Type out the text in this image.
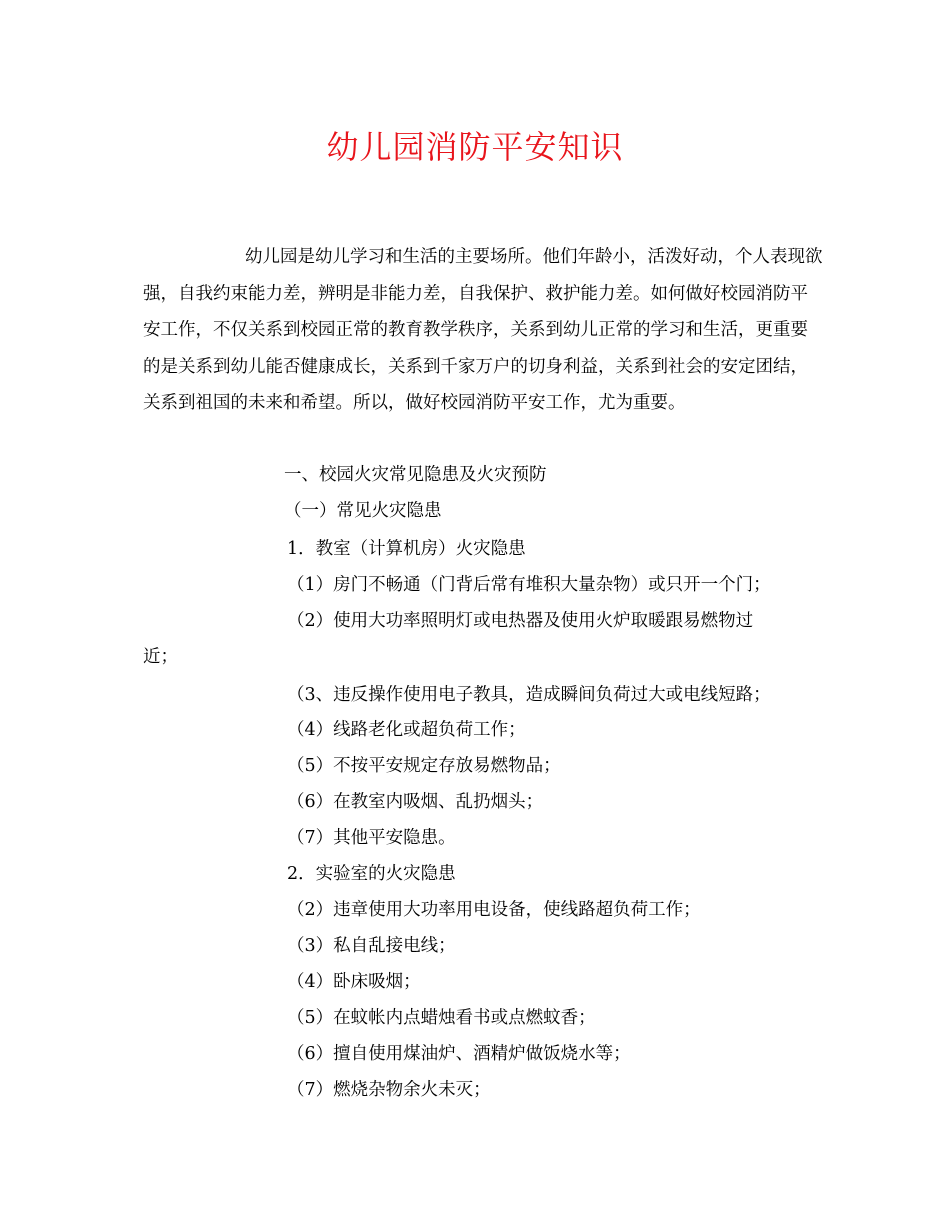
幼儿园消防平安知识

幼儿园是幼儿学习和生活的主要场所。他们年龄小，活泼好动，个人表现欲强，自我约束能力差，辨明是非能力差，自我保护、救护能力差。如何做好校园消防平安工作，不仅关系到校园正常的教育教学秩序，关系到幼儿正常的学习和生活，更重要的是关系到幼儿能否健康成长，关系到千家万户的切身利益，关系到社会的安定团结，关系到祖国的未来和希望。所以，做好校园消防平安工作，尤为重要。

一、校园火灾常见隐患及火灾预防
（一）常见火灾隐患
1．教室（计算机房）火灾隐患
（1）房门不畅通（门背后常有堆积大量杂物）或只开一个门；
（2）使用大功率照明灯或电热器及使用火炉取暖跟易燃物过
近；
（3、违反操作使用电子教具，造成瞬间负荷过大或电线短路；
（4）线路老化或超负荷工作；
（5）不按平安规定存放易燃物品；
（6）在教室内吸烟、乱扔烟头；
（7）其他平安隐患。
2．实验室的火灾隐患
（2）违章使用大功率用电设备，使线路超负荷工作；
（3）私自乱接电线；
（4）卧床吸烟；
（5）在蚊帐内点蜡烛看书或点燃蚊香；
（6）擅自使用煤油炉、酒精炉做饭烧水等；
（7）燃烧杂物余火未灭；
